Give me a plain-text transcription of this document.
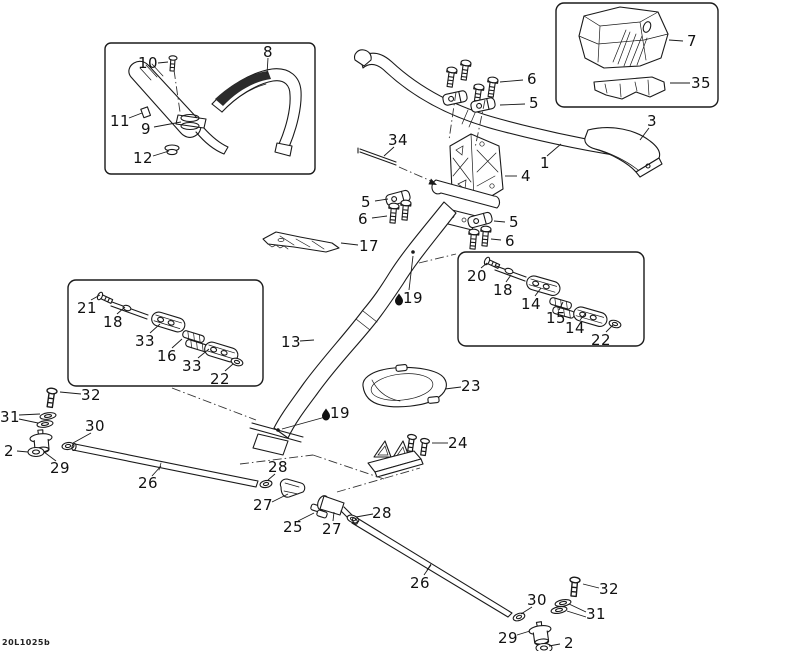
8
10
11 9
12
7
35
3
6
5
1
34
4
5
6	5
6
17
13
23
19
19
20
18
14
15
14
22
21
18
33
16
33
22
32
31	30
2
29
26
28
27
25 27
28
24
26
30
32
31
29	2
20L1025b
